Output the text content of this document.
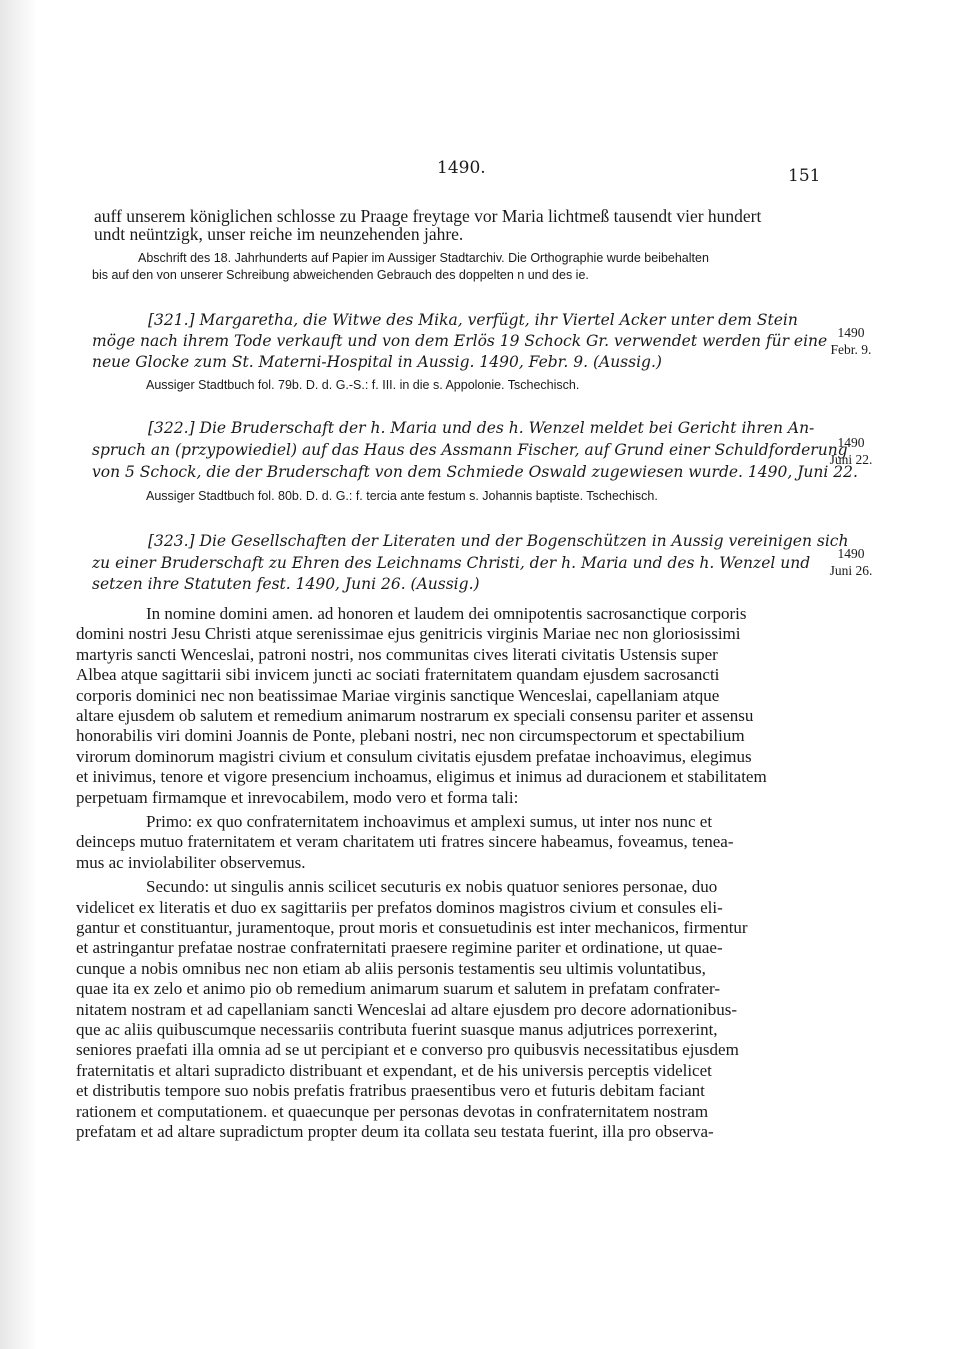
1490.	151
auff unserem königlichen schlosse zu Praage freytage vor Maria lichtmeß tausendt vier hundert
undt neüntzigk, unser reiche im neunzehenden jahre.
Abschrift des 18. Jahrhunderts auf Papier im Aussiger Stadtarchiv. Die Orthographie wurde beibehalten
bis auf den von unserer Schreibung abweichenden Gebrauch des doppelten n und des ie.
[321.] Margaretha, die Witwe des Mika, verfügt, ihr Viertel Acker unter dem Stein
möge nach ihrem Tode verkauft und von dem Erlös 19 Schock Gr. verwendet werden für eine
neue Glocke zum St. Materni-Hospital in Aussig. 1490, Febr. 9. (Aussig.)
Aussiger Stadtbuch fol. 79b. D. d. G.-S.: f. III. in die s. Appolonie. Tschechisch.
1490
Febr. 9.
[322.] Die Bruderschaft der h. Maria und des h. Wenzel meldet bei Gericht ihren An-
spruch an (przypowiediel) auf das Haus des Assmann Fischer, auf Grund einer Schuldforderung
von 5 Schock, die der Bruderschaft von dem Schmiede Oswald zugewiesen wurde. 1490, Juni 22.
Aussiger Stadtbuch fol. 80b. D. d. G.: f. tercia ante festum s. Johannis baptiste. Tschechisch.
1490
Juni 22.
[323.] Die Gesellschaften der Literaten und der Bogenschützen in Aussig vereinigen sich
zu einer Bruderschaft zu Ehren des Leichnams Christi, der h. Maria und des h. Wenzel und
setzen ihre Statuten fest. 1490, Juni 26. (Aussig.)
1490
Juni 26.
In nomine domini amen. ad honoren et laudem dei omnipotentis sacrosanctique corporis
domini nostri Jesu Christi atque serenissimae ejus genitricis virginis Mariae nec non gloriosissimi
martyris sancti Wenceslai, patroni nostri, nos communitas cives literati civitatis Ustensis super
Albea atque sagittarii sibi invicem juncti ac sociati fraternitatem quandam ejusdem sacrosancti
corporis dominici nec non beatissimae Mariae virginis sanctique Wenceslai, capellaniam atque
altare ejusdem ob salutem et remedium animarum nostrarum ex speciali consensu pariter et assensu
honorabilis viri domini Joannis de Ponte, plebani nostri, nec non circumspectorum et spectabilium
virorum dominorum magistri civium et consulum civitatis ejusdem prefatae inchoavimus, elegimus
et inivimus, tenore et vigore presencium inchoamus, eligimus et inimus ad duracionem et stabilitatem
perpetuam firmamque et inrevocabilem, modo vero et forma tali:
Primo: ex quo confraternitatem inchoavimus et amplexi sumus, ut inter nos nunc et
deinceps mutuo fraternitatem et veram charitatem uti fratres sincere habeamus, foveamus, tenea-
mus ac inviolabiliter observemus.
Secundo: ut singulis annis scilicet secuturis ex nobis quatuor seniores personae, duo
videlicet ex literatis et duo ex sagittariis per prefatos dominos magistros civium et consules eli-
gantur et constituantur, juramentoque, prout moris et consuetudinis est inter mechanicos, firmentur
et astringantur prefatae nostrae confraternitati praesere regimine pariter et ordinatione, ut quae-
cunque a nobis omnibus nec non etiam ab aliis personis testamentis seu ultimis voluntatibus,
quae ita ex zelo et animo pio ob remedium animarum suarum et salutem in prefatam confrater-
nitatem nostram et ad capellaniam sancti Wenceslai ad altare ejusdem pro decore adornationibus-
que ac aliis quibuscumque necessariis contributa fuerint suasque manus adjutrices porrexerint,
seniores praefati illa omnia ad se ut percipiant et e converso pro quibusvis necessitatibus ejusdem
fraternitatis et altari supradicto distribuant et expendant, et de his universis perceptis videlicet
et distributis tempore suo nobis prefatis fratribus praesentibus vero et futuris debitam faciant
rationem et computationem. et quaecunque per personas devotas in confraternitatem nostram
prefatam et ad altare supradictum propter deum ita collata seu testata fuerint, illa pro observa-
